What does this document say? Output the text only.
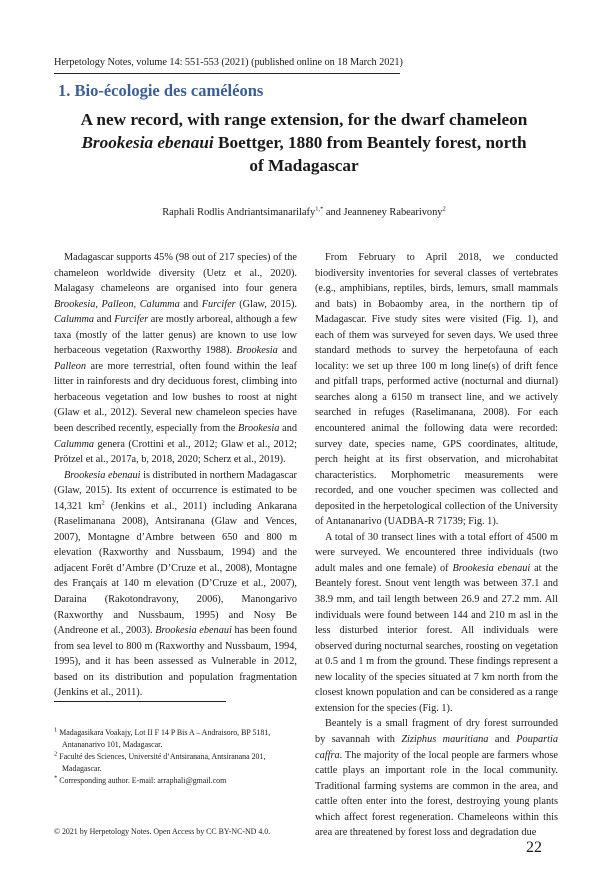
Herpetology Notes, volume 14: 551-553 (2021) (published online on 18 March 2021)
1. Bio-écologie des caméléons
A new record, with range extension, for the dwarf chameleon
Brookesia ebenaui Boettger, 1880 from Beantely forest, north
of Madagascar
Raphali Rodlis Andriantsimanarilafy$^{1,*}$ and Jeanneney Rabearivony$^2$

Madagascar supports 45% (98 out of 217 species) of the chameleon worldwide diversity (Uetz et al., 2020). Malagasy chameleons are organised into four genera Brookesia, Palleon, Calumma and Furcifer (Glaw, 2015). Calumma and Furcifer are mostly arboreal, although a few taxa (mostly of the latter genus) are known to use low herbaceous vegetation (Raxworthy 1988). Brookesia and Palleon are more terrestrial, often found within the leaf litter in rainforests and dry deciduous forest, climbing into herbaceous vegetation and low bushes to roost at night (Glaw et al., 2012). Several new chameleon species have been described recently, especially from the Brookesia and Calumma genera (Crottini et al., 2012; Glaw et al., 2012; Prötzel et al., 2017a, b, 2018, 2020; Scherz et al., 2019).

Brookesia ebenaui is distributed in northern Madagascar (Glaw, 2015). Its extent of occurrence is estimated to be 14,321 $km^2$ (Jenkins et al., 2011) including Ankarana (Raselimanana 2008), Antsiranana (Glaw and Vences, 2007), Montagne d’Ambre between 650 and 800 m elevation (Raxworthy and Nussbaum, 1994) and the adjacent Forêt d’Ambre (D’Cruze et al., 2008), Montagne des Français at 140 m elevation (D’Cruze et al., 2007), Daraina (Rakotondravony, 2006), Manongarivo (Raxworthy and Nussbaum, 1995) and Nosy Be (Andreone et al., 2003). Brookesia ebenaui has been found from sea level to 800 m (Raxworthy and Nussbaum, 1994, 1995), and it has been assessed as Vulnerable in 2012, based on its distribution and population fragmentation (Jenkins et al., 2011).

From February to April 2018, we conducted biodiversity inventories for several classes of vertebrates (e.g., amphibians, reptiles, birds, lemurs, small mammals and bats) in Bobaomby area, in the northern tip of Madagascar. Five study sites were visited (Fig. 1), and each of them was surveyed for seven days. We used three standard methods to survey the herpetofauna of each locality: we set up three 100 m long line(s) of drift fence and pitfall traps, performed active (nocturnal and diurnal) searches along a 6150 m transect line, and we actively searched in refuges (Raselimanana, 2008). For each encountered animal the following data were recorded: survey date, species name, GPS coordinates, altitude, perch height at its first observation, and microhabitat characteristics. Morphometric measurements were recorded, and one voucher specimen was collected and deposited in the herpetological collection of the University of Antananarivo (UADBA-R 71739; Fig. 1).

A total of 30 transect lines with a total effort of 4500 m were surveyed. We encountered three individuals (two adult males and one female) of Brookesia ebenaui at the Beantely forest. Snout vent length was between 37.1 and 38.9 mm, and tail length between 26.9 and 27.2 mm. All individuals were found between 144 and 210 m asl in the less disturbed interior forest. All individuals were observed during nocturnal searches, roosting on vegetation at 0.5 and 1 m from the ground. These findings represent a new locality of the species situated at 7 km north from the closest known population and can be considered as a range extension for the species (Fig. 1).

Beantely is a small fragment of dry forest surrounded by savannah with Ziziphus mauritiana and Poupartia caffra. The majority of the local people are farmers whose cattle plays an important role in the local community. Traditional farming systems are common in the area, and cattle often enter into the forest, destroying young plants which affect forest regeneration. Chameleons within this area are threatened by forest loss and degradation due

$^1$ Madagasikara Voakajy, Lot II F 14 P Bis A – Andraisoro, BP 5181, Antananarivo 101, Madagascar.

$^2$ Faculté des Sciences, Université d’Antsiranana, Antsiranana 201, Madagascar.

* Corresponding author. E-mail: arraphali@gmail.com

© 2021 by Herpetology Notes. Open Access by CC BY-NC-ND 4.0.
22
